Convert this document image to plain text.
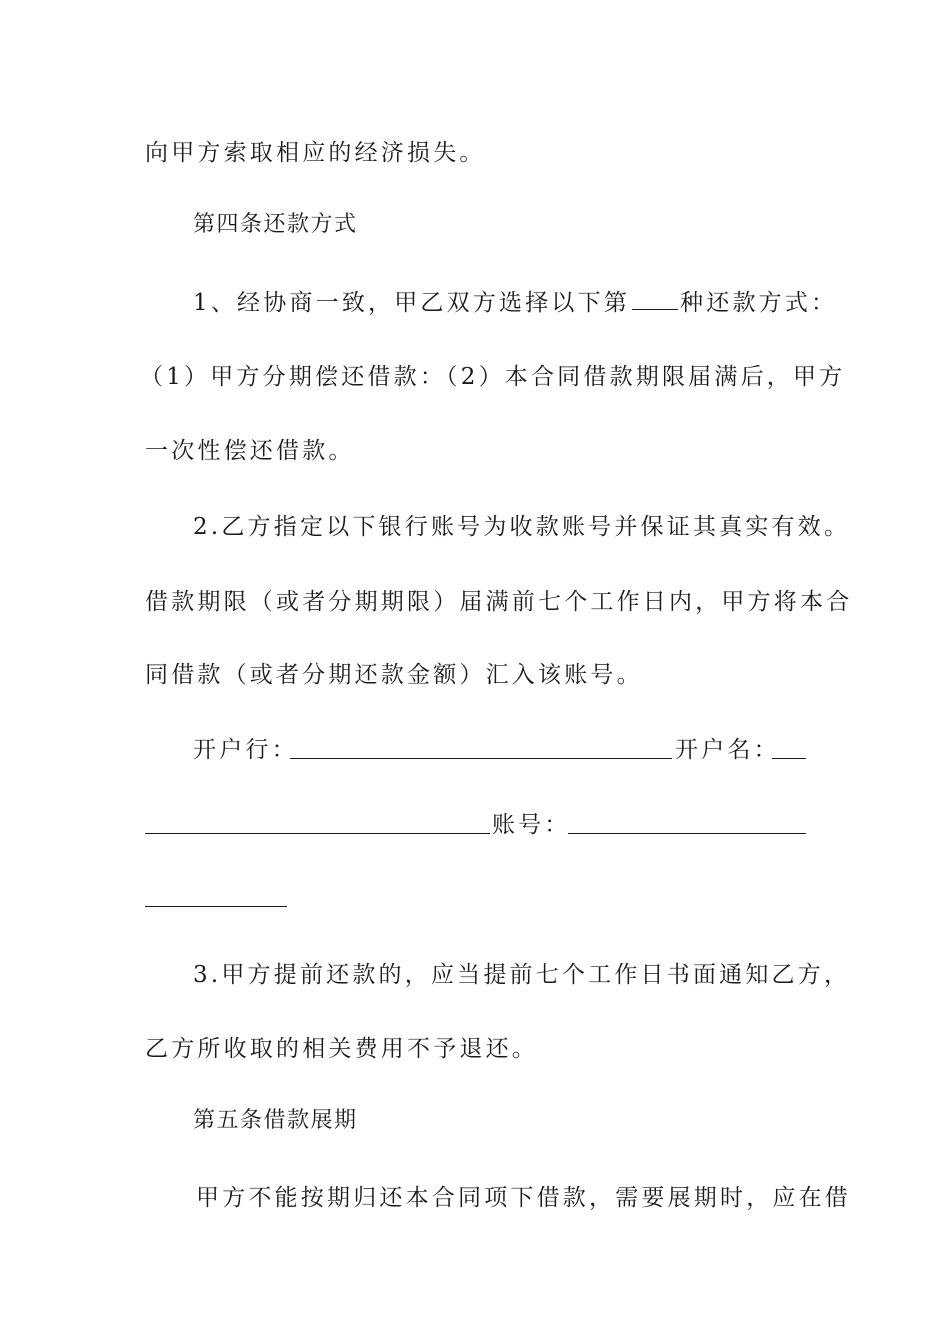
向甲方索取相应的经济损失。
第四条还款方式
1、经协商一致，甲乙双方选择以下第 种还款方式：
（1）甲方分期偿还借款：（2）本合同借款期限届满后，甲方
一次性偿还借款。
2.乙方指定以下银行账号为收款账号并保证其真实有效。
借款期限（或者分期期限）届满前七个工作日内，甲方将本合
同借款（或者分期还款金额）汇入该账号。
开户行：	开户名：
账号：
3.甲方提前还款的，应当提前七个工作日书面通知乙方，
乙方所收取的相关费用不予退还。
第五条借款展期
甲方不能按期归还本合同项下借款，需要展期时，应在借
